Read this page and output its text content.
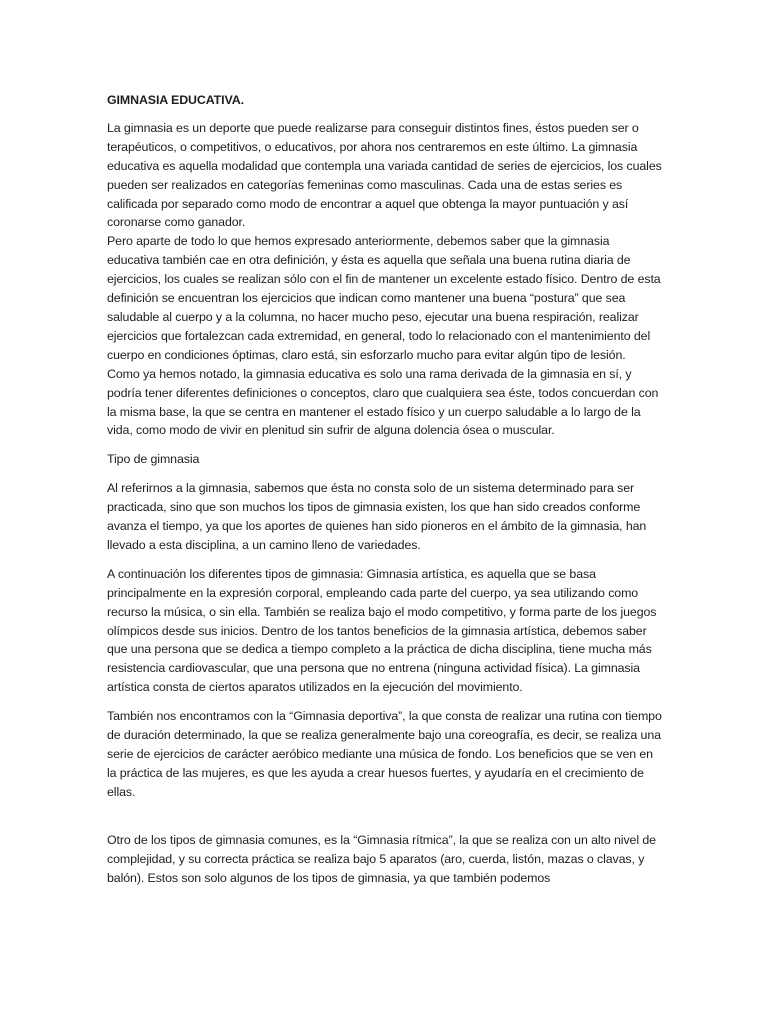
GIMNASIA EDUCATIVA.

La gimnasia es un deporte que puede realizarse para conseguir distintos fines, éstos pueden ser o terapéuticos, o competitivos, o educativos, por ahora nos centraremos en este último. La gimnasia educativa es aquella modalidad que contempla una variada cantidad de series de ejercicios, los cuales pueden ser realizados en categorías femeninas como masculinas. Cada una de estas series es calificada por separado como modo de encontrar a aquel que obtenga la mayor puntuación y así coronarse como ganador.

Pero aparte de todo lo que hemos expresado anteriormente, debemos saber que la gimnasia educativa también cae en otra definición, y ésta es aquella que señala una buena rutina diaria de ejercicios, los cuales se realizan sólo con el fin de mantener un excelente estado físico. Dentro de esta definición se encuentran los ejercicios que indican como mantener una buena “postura” que sea saludable al cuerpo y a la columna, no hacer mucho peso, ejecutar una buena respiración, realizar ejercicios que fortalezcan cada extremidad, en general, todo lo relacionado con el mantenimiento del cuerpo en condiciones óptimas, claro está, sin esforzarlo mucho para evitar algún tipo de lesión.

Como ya hemos notado, la gimnasia educativa es solo una rama derivada de la gimnasia en sí, y podría tener diferentes definiciones o conceptos, claro que cualquiera sea éste, todos concuerdan con la misma base, la que se centra en mantener el estado físico y un cuerpo saludable a lo largo de la vida, como modo de vivir en plenitud sin sufrir de alguna dolencia ósea o muscular.

Tipo de gimnasia

Al referirnos a la gimnasia, sabemos que ésta no consta solo de un sistema determinado para ser practicada, sino que son muchos los tipos de gimnasia existen, los que han sido creados conforme avanza el tiempo, ya que los aportes de quienes han sido pioneros en el ámbito de la gimnasia, han llevado a esta disciplina, a un camino lleno de variedades.

A continuación los diferentes tipos de gimnasia: Gimnasia artística, es aquella que se basa principalmente en la expresión corporal, empleando cada parte del cuerpo, ya sea utilizando como recurso la música, o sin ella. También se realiza bajo el modo competitivo, y forma parte de los juegos olímpicos desde sus inicios. Dentro de los tantos beneficios de la gimnasia artística, debemos saber que una persona que se dedica a tiempo completo a la práctica de dicha disciplina, tiene mucha más resistencia cardiovascular, que una persona que no entrena (ninguna actividad física). La gimnasia artística consta de ciertos aparatos utilizados en la ejecución del movimiento.

También nos encontramos con la “Gimnasia deportiva”, la que consta de realizar una rutina con tiempo de duración determinado, la que se realiza generalmente bajo una coreografía, es decir, se realiza una serie de ejercicios de carácter aeróbico mediante una música de fondo. Los beneficios que se ven en la práctica de las mujeres, es que les ayuda a crear huesos fuertes, y ayudaría en el crecimiento de ellas.

Otro de los tipos de gimnasia comunes, es la “Gimnasia rítmica”, la que se realiza con un alto nivel de complejidad, y su correcta práctica se realiza bajo 5 aparatos (aro, cuerda, listón, mazas o clavas, y balón). Estos son solo algunos de los tipos de gimnasia, ya que también podemos
